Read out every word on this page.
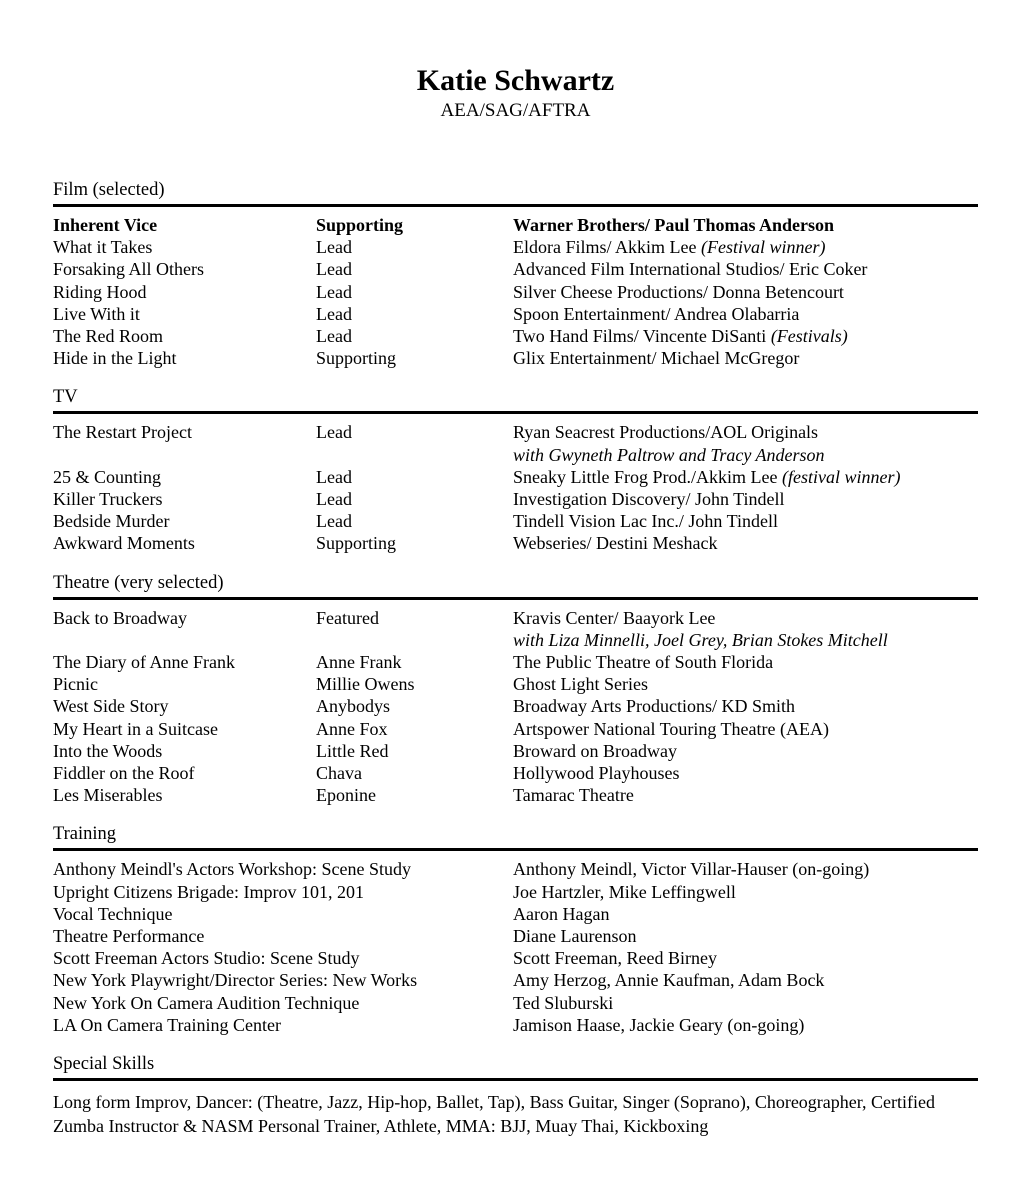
Katie Schwartz
AEA/SAG/AFTRA
Film (selected)
Inherent Vice	Supporting	Warner Brothers/ Paul Thomas Anderson
What it Takes	Lead	Eldora Films/ Akkim Lee (Festival winner)
Forsaking All Others	Lead	Advanced Film International Studios/ Eric Coker
Riding Hood	Lead	Silver Cheese Productions/ Donna Betencourt
Live With it	Lead	Spoon Entertainment/ Andrea Olabarria
The Red Room	Lead	Two Hand Films/ Vincente DiSanti (Festivals)
Hide in the Light	Supporting	Glix Entertainment/ Michael McGregor
TV
The Restart Project	Lead	Ryan Seacrest Productions/AOL Originals
with Gwyneth Paltrow and Tracy Anderson
25 & Counting	Lead	Sneaky Little Frog Prod./Akkim Lee (festival winner)
Killer Truckers	Lead	Investigation Discovery/ John Tindell
Bedside Murder	Lead	Tindell Vision Lac Inc./ John Tindell
Awkward Moments	Supporting	Webseries/ Destini Meshack
Theatre (very selected)
Back to Broadway	Featured	Kravis Center/ Baayork Lee
with Liza Minnelli, Joel Grey, Brian Stokes Mitchell
The Diary of Anne Frank	Anne Frank	The Public Theatre of South Florida
Picnic	Millie Owens	Ghost Light Series
West Side Story	Anybodys	Broadway Arts Productions/ KD Smith
My Heart in a Suitcase	Anne Fox	Artspower National Touring Theatre (AEA)
Into the Woods	Little Red	Broward on Broadway
Fiddler on the Roof	Chava	Hollywood Playhouses
Les Miserables	Eponine	Tamarac Theatre
Training
Anthony Meindl's Actors Workshop: Scene Study	Anthony Meindl, Victor Villar-Hauser (on-going)
Upright Citizens Brigade: Improv 101, 201	Joe Hartzler, Mike Leffingwell
Vocal Technique	Aaron Hagan
Theatre Performance	Diane Laurenson
Scott Freeman Actors Studio: Scene Study	Scott Freeman, Reed Birney
New York Playwright/Director Series: New Works	Amy Herzog, Annie Kaufman, Adam Bock
New York On Camera Audition Technique	Ted Sluburski
LA On Camera Training Center	Jamison Haase, Jackie Geary (on-going)
Special Skills
Long form Improv, Dancer: (Theatre, Jazz, Hip-hop, Ballet, Tap), Bass Guitar, Singer (Soprano), Choreographer, Certified Zumba Instructor & NASM Personal Trainer, Athlete, MMA: BJJ, Muay Thai, Kickboxing
